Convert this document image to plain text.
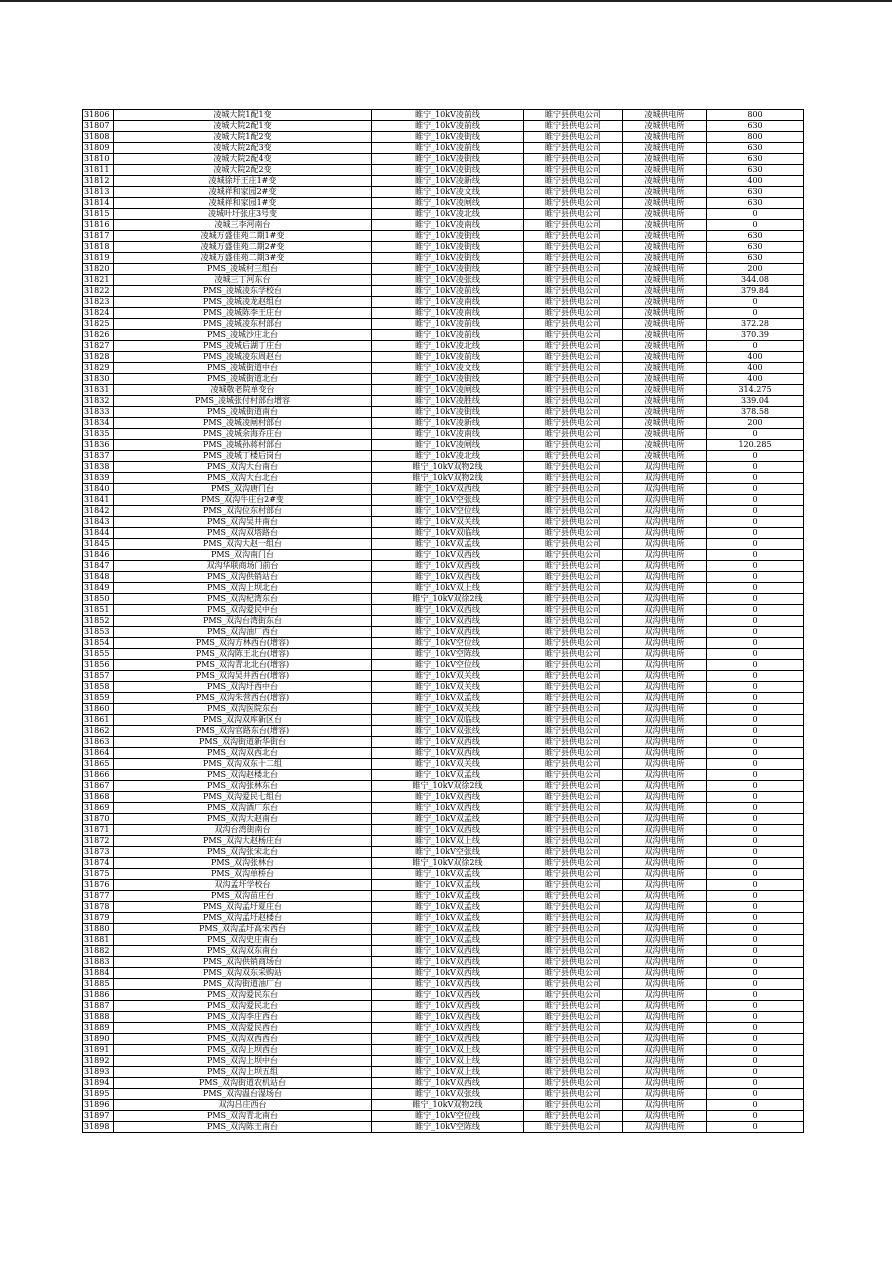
31806	凌城大院1配1变	睢宁_10kV凌前线	睢宁县供电公司	凌城供电所	800
31807	凌城大院2配1变	睢宁_10kV凌前线	睢宁县供电公司	凌城供电所	630
31808	凌城大院1配2变	睢宁_10kV凌街线	睢宁县供电公司	凌城供电所	800
31809	凌城大院2配3变	睢宁_10kV凌前线	睢宁县供电公司	凌城供电所	630
31810	凌城大院2配4变	睢宁_10kV凌街线	睢宁县供电公司	凌城供电所	630
31811	凌城大院2配2变	睢宁_10kV凌街线	睢宁县供电公司	凌城供电所	630
31812	凌城徐圩王庄1#变	睢宁_10kV凌新线	睢宁县供电公司	凌城供电所	400
31813	凌城祥和家园2#变	睢宁_10kV凌文线	睢宁县供电公司	凌城供电所	630
31814	凌城祥和家园1#变	睢宁_10kV凌闸线	睢宁县供电公司	凌城供电所	630
31815	凌城叶圩张庄3号变	睢宁_10kV凌北线	睢宁县供电公司	凌城供电所	0
31816	凌城三李河南台	睢宁_10kV凌南线	睢宁县供电公司	凌城供电所	0
31817	凌城万盛佳苑二期1#变	睢宁_10kV凌街线	睢宁县供电公司	凌城供电所	630
31818	凌城万盛佳苑二期2#变	睢宁_10kV凌街线	睢宁县供电公司	凌城供电所	630
31819	凌城万盛佳苑二期3#变	睢宁_10kV凌街线	睢宁县供电公司	凌城供电所	630
31820	PMS_凌城村三组台	睢宁_10kV凌街线	睢宁县供电公司	凌城供电所	200
31821	凌城三丁河东台	睢宁_10kV凌张线	睢宁县供电公司	凌城供电所	344.08
31822	PMS_凌城凌东学校台	睢宁_10kV凌前线	睢宁县供电公司	凌城供电所	379.84
31823	PMS_凌城凌龙赵组台	睢宁_10kV凌南线	睢宁县供电公司	凌城供电所	0
31824	PMS_凌城陈李王庄台	睢宁_10kV凌南线	睢宁县供电公司	凌城供电所	0
31825	PMS_凌城凌东村部台	睢宁_10kV凌前线	睢宁县供电公司	凌城供电所	372.28
31826	PMS_凌城沙庄北台	睢宁_10kV凌前线	睢宁县供电公司	凌城供电所	370.39
31827	PMS_凌城后湖丁庄台	睢宁_10kV凌北线	睢宁县供电公司	凌城供电所	0
31828	PMS_凌城凌东周赵台	睢宁_10kV凌前线	睢宁县供电公司	凌城供电所	400
31829	PMS_凌城街道中台	睢宁_10kV凌文线	睢宁县供电公司	凌城供电所	400
31830	PMS_凌城街道北台	睢宁_10kV凌街线	睢宁县供电公司	凌城供电所	400
31831	凌城敬老院单变台	睢宁_10kV凌闸线	睢宁县供电公司	凌城供电所	314.275
31832	PMS_凌城张付村部台增容	睢宁_10kV凌胜线	睢宁县供电公司	凌城供电所	339.04
31833	PMS_凌城街道南台	睢宁_10kV凌街线	睢宁县供电公司	凌城供电所	378.58
31834	PMS_凌城凌闸村部台	睢宁_10kV凌新线	睢宁县供电公司	凌城供电所	200
31835	PMS_凌城余海乔庄台	睢宁_10kV凌南线	睢宁县供电公司	凌城供电所	0
31836	PMS_凌城孙蒋村部台	睢宁_10kV凌闸线	睢宁县供电公司	凌城供电所	120.285
31837	PMS_凌城丁楼后岗台	睢宁_10kV凌北线	睢宁县供电公司	凌城供电所	0
31838	PMS_双沟大台南台	睢宁_10kV双物2线	睢宁县供电公司	双沟供电所	0
31839	PMS_双沟大台北台	睢宁_10kV双物2线	睢宁县供电公司	双沟供电所	0
31840	PMS_双沟唐门台	睢宁_10kV双西线	睢宁县供电公司	双沟供电所	0
31841	PMS_双沟牛庄台2#变	睢宁_10kV空张线	睢宁县供电公司	双沟供电所	0
31842	PMS_双沟位东村部台	睢宁_10kV空位线	睢宁县供电公司	双沟供电所	0
31843	PMS_双沟吴井南台	睢宁_10kV双关线	睢宁县供电公司	双沟供电所	0
31844	PMS_双沟双塔路台	睢宁_10kV双临线	睢宁县供电公司	双沟供电所	0
31845	PMS_双沟大赵一组台	睢宁_10kV双孟线	睢宁县供电公司	双沟供电所	0
31846	PMS_双沟南门台	睢宁_10kV双西线	睢宁县供电公司	双沟供电所	0
31847	双沟华联商场门前台	睢宁_10kV双西线	睢宁县供电公司	双沟供电所	0
31848	PMS_双沟供销站台	睢宁_10kV双西线	睢宁县供电公司	双沟供电所	0
31849	PMS_双沟上坝北台	睢宁_10kV双上线	睢宁县供电公司	双沟供电所	0
31850	PMS_双沟杞湾东台	睢宁_10kV双徐2线	睢宁县供电公司	双沟供电所	0
31851	PMS_双沟爱民中台	睢宁_10kV双西线	睢宁县供电公司	双沟供电所	0
31852	PMS_双沟台湾街东台	睢宁_10kV双西线	睢宁县供电公司	双沟供电所	0
31853	PMS_双沟油厂西台	睢宁_10kV双西线	睢宁县供电公司	双沟供电所	0
31854	PMS_双沟方林西台(增容)	睢宁_10kV空位线	睢宁县供电公司	双沟供电所	0
31855	PMS_双沟陈王北台(增容)	睢宁_10kV空陈线	睢宁县供电公司	双沟供电所	0
31856	PMS_双沟青北北台(增容)	睢宁_10kV空位线	睢宁县供电公司	双沟供电所	0
31857	PMS_双沟吴井西台(增容)	睢宁_10kV双关线	睢宁县供电公司	双沟供电所	0
31858	PMS_双沟圩西中台	睢宁_10kV双关线	睢宁县供电公司	双沟供电所	0
31859	PMS_双沟朱营西台(增容)	睢宁_10kV双孟线	睢宁县供电公司	双沟供电所	0
31860	PMS_双沟医院东台	睢宁_10kV双关线	睢宁县供电公司	双沟供电所	0
31861	PMS_双沟双库新区台	睢宁_10kV双临线	睢宁县供电公司	双沟供电所	0
31862	PMS_双沟官路东台(增容)	睢宁_10kV双张线	睢宁县供电公司	双沟供电所	0
31863	PMS_双沟街道新华街台	睢宁_10kV双西线	睢宁县供电公司	双沟供电所	0
31864	PMS_双沟双西北台	睢宁_10kV双西线	睢宁县供电公司	双沟供电所	0
31865	PMS_双沟双东十二组	睢宁_10kV双关线	睢宁县供电公司	双沟供电所	0
31866	PMS_双沟赵楼北台	睢宁_10kV双孟线	睢宁县供电公司	双沟供电所	0
31867	PMS_双沟张林东台	睢宁_10kV双徐2线	睢宁县供电公司	双沟供电所	0
31868	PMS_双沟爱民七组台	睢宁_10kV双西线	睢宁县供电公司	双沟供电所	0
31869	PMS_双沟酒厂东台	睢宁_10kV双西线	睢宁县供电公司	双沟供电所	0
31870	PMS_双沟大赵南台	睢宁_10kV双孟线	睢宁县供电公司	双沟供电所	0
31871	双沟台湾街南台	睢宁_10kV双西线	睢宁县供电公司	双沟供电所	0
31872	PMS_双沟大赵杨庄台	睢宁_10kV双上线	睢宁县供电公司	双沟供电所	0
31873	PMS_双沟张宋北台	睢宁_10kV空张线	睢宁县供电公司	双沟供电所	0
31874	PMS_双沟张林台	睢宁_10kV双徐2线	睢宁县供电公司	双沟供电所	0
31875	PMS_双沟单桥台	睢宁_10kV双孟线	睢宁县供电公司	双沟供电所	0
31876	双沟孟圩学校台	睢宁_10kV双孟线	睢宁县供电公司	双沟供电所	0
31877	PMS_双沟苗庄台	睢宁_10kV双孟线	睢宁县供电公司	双沟供电所	0
31878	PMS_双沟孟圩夏庄台	睢宁_10kV双孟线	睢宁县供电公司	双沟供电所	0
31879	PMS_双沟孟圩赵楼台	睢宁_10kV双孟线	睢宁县供电公司	双沟供电所	0
31880	PMS_双沟孟圩高宋西台	睢宁_10kV双孟线	睢宁县供电公司	双沟供电所	0
31881	PMS_双沟史庄南台	睢宁_10kV双孟线	睢宁县供电公司	双沟供电所	0
31882	PMS_双沟双东南台	睢宁_10kV双西线	睢宁县供电公司	双沟供电所	0
31883	PMS_双沟供销商场台	睢宁_10kV双西线	睢宁县供电公司	双沟供电所	0
31884	PMS_双沟双东采购站	睢宁_10kV双西线	睢宁县供电公司	双沟供电所	0
31885	PMS_双沟街道油厂台	睢宁_10kV双西线	睢宁县供电公司	双沟供电所	0
31886	PMS_双沟爱民东台	睢宁_10kV双西线	睢宁县供电公司	双沟供电所	0
31887	PMS_双沟爱民北台	睢宁_10kV双西线	睢宁县供电公司	双沟供电所	0
31888	PMS_双沟李庄西台	睢宁_10kV双西线	睢宁县供电公司	双沟供电所	0
31889	PMS_双沟爱民西台	睢宁_10kV双西线	睢宁县供电公司	双沟供电所	0
31890	PMS_双沟双西西台	睢宁_10kV双西线	睢宁县供电公司	双沟供电所	0
31891	PMS_双沟上坝西台	睢宁_10kV双上线	睢宁县供电公司	双沟供电所	0
31892	PMS_双沟上坝中台	睢宁_10kV双上线	睢宁县供电公司	双沟供电所	0
31893	PMS_双沟上坝五组	睢宁_10kV双上线	睢宁县供电公司	双沟供电所	0
31894	PMS_双沟街道农机站台	睢宁_10kV双西线	睢宁县供电公司	双沟供电所	0
31895	PMS_双沟温台湿场台	睢宁_10kV双张线	睢宁县供电公司	双沟供电所	0
31896	双沟吕庄西台	睢宁_10kV双物2线	睢宁县供电公司	双沟供电所	0
31897	PMS_双沟青北南台	睢宁_10kV空位线	睢宁县供电公司	双沟供电所	0
31898	PMS_双沟陈王南台	睢宁_10kV空陈线	睢宁县供电公司	双沟供电所	0
